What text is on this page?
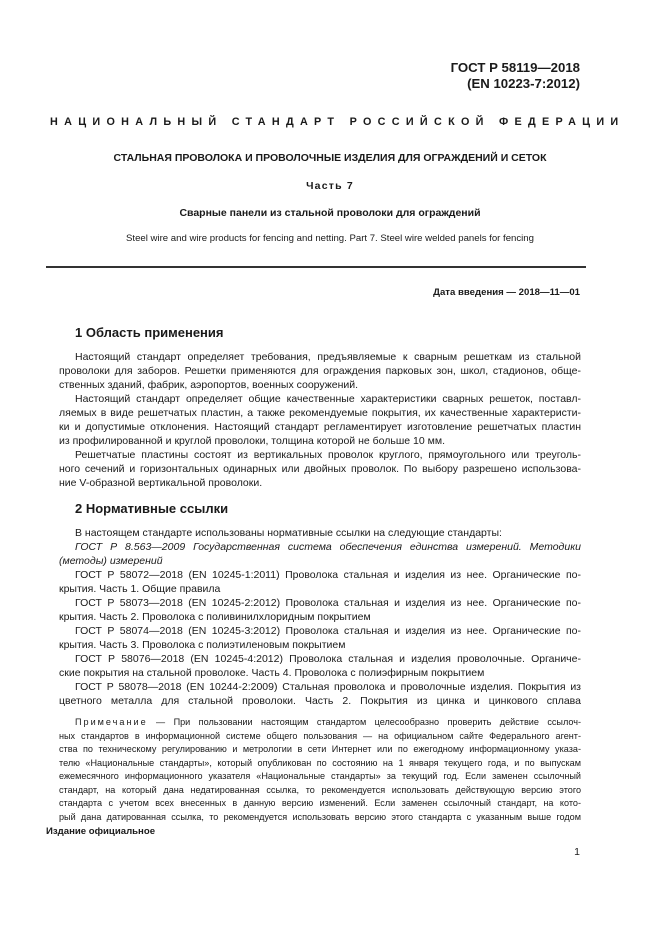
ГОСТ Р 58119—2018
(EN 10223-7:2012)
НАЦИОНАЛЬНЫЙ СТАНДАРТ РОССИЙСКОЙ ФЕДЕРАЦИИ
СТАЛЬНАЯ ПРОВОЛОКА И ПРОВОЛОЧНЫЕ ИЗДЕЛИЯ ДЛЯ ОГРАЖДЕНИЙ И СЕТОК
Часть 7
Сварные панели из стальной проволоки для ограждений
Steel wire and wire products for fencing and netting. Part 7. Steel wire welded panels for fencing
Дата введения — 2018—11—01
1 Область применения
Настоящий стандарт определяет требования, предъявляемые к сварным решеткам из стальной
проволоки для заборов. Решетки применяются для ограждения парковых зон, школ, стадионов, обще-
ственных зданий, фабрик, аэропортов, военных сооружений.
Настоящий стандарт определяет общие качественные характеристики сварных решеток, поставл-
ляемых в виде решетчатых пластин, а также рекомендуемые покрытия, их качественные характеристи-
ки и допустимые отклонения. Настоящий стандарт регламентирует изготовление решетчатых пластин
из профилированной и круглой проволоки, толщина которой не больше 10 мм.
Решетчатые пластины состоят из вертикальных проволок круглого, прямоугольного или треуголь-
ного сечений и горизонтальных одинарных или двойных проволок. По выбору разрешено использова-
ние V-образной вертикальной проволоки.
2 Нормативные ссылки
В настоящем стандарте использованы нормативные ссылки на следующие стандарты:
ГОСТ Р 8.563—2009 Государственная система обеспечения единства измерений. Методики
(методы) измерений
ГОСТ Р 58072—2018 (EN 10245-1:2011) Проволока стальная и изделия из нее. Органические по-
крытия. Часть 1. Общие правила
ГОСТ Р 58073—2018 (EN 10245-2:2012) Проволока стальная и изделия из нее. Органические по-
крытия. Часть 2. Проволока с поливинилхлоридным покрытием
ГОСТ Р 58074—2018 (EN 10245-3:2012) Проволока стальная и изделия из нее. Органические по-
крытия. Часть 3. Проволока с полиэтиленовым покрытием
ГОСТ Р 58076—2018 (EN 10245-4:2012) Проволока стальная и изделия проволочные. Органиче-
ские покрытия на стальной проволоке. Часть 4. Проволока с полиэфирным покрытием
ГОСТ Р 58078—2018 (EN 10244-2:2009) Стальная проволока и проволочные изделия. Покрытия из
цветного металла для стальной проволоки. Часть 2. Покрытия из цинка и цинкового сплава
Примечание — При пользовании настоящим стандартом целесообразно проверить действие ссылоч-
ных стандартов в информационной системе общего пользования — на официальном сайте Федерального агент-
ства по техническому регулированию и метрологии в сети Интернет или по ежегодному информационному указа-
телю «Национальные стандарты», который опубликован по состоянию на 1 января текущего года, и по выпускам
ежемесячного информационного указателя «Национальные стандарты» за текущий год. Если заменен ссылочный
стандарт, на который дана недатированная ссылка, то рекомендуется использовать действующую версию этого
стандарта с учетом всех внесенных в данную версию изменений. Если заменен ссылочный стандарт, на кото-
рый дана датированная ссылка, то рекомендуется использовать версию этого стандарта с указанным выше годом
Издание официальное
1
